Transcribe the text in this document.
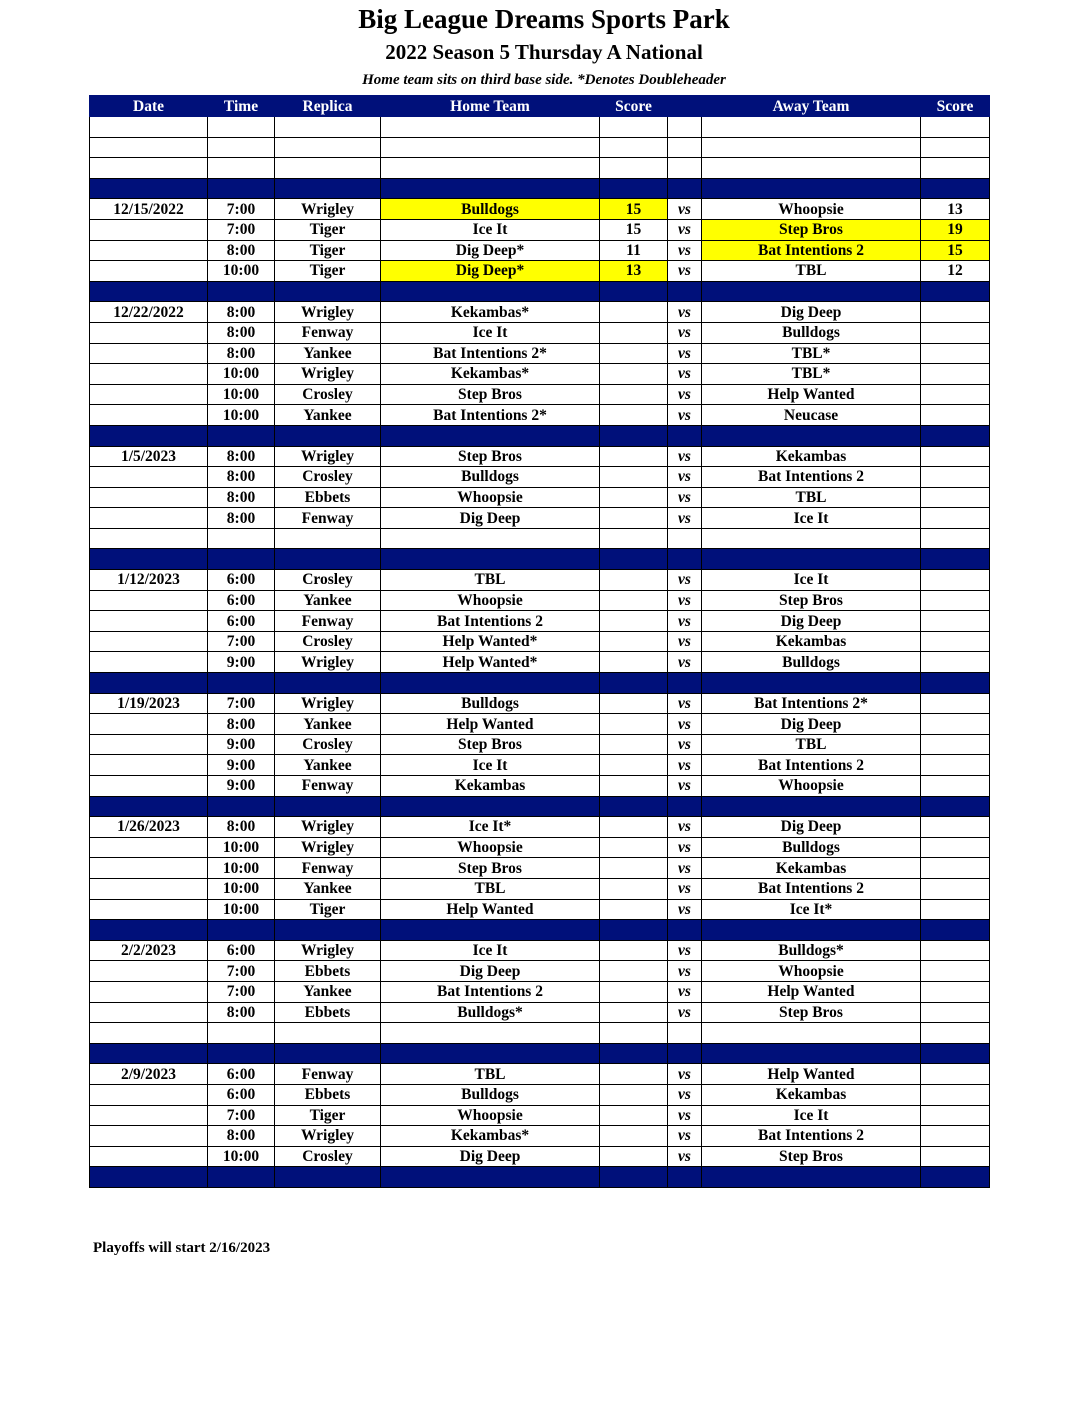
Big League Dreams Sports Park
2022 Season 5 Thursday A National
Home team sits on third base side. *Denotes Doubleheader
Date	Time	Replica	Home Team	Score		Away Team	Score

12/15/2022	7:00	Wrigley	Bulldogs	15	vs	Whoopsie	13
	7:00	Tiger	Ice It	15	vs	Step Bros	19
	8:00	Tiger	Dig Deep*	11	vs	Bat Intentions 2	15
	10:00	Tiger	Dig Deep*	13	vs	TBL	12

12/22/2022	8:00	Wrigley	Kekambas*		vs	Dig Deep	
	8:00	Fenway	Ice It		vs	Bulldogs	
	8:00	Yankee	Bat Intentions 2*		vs	TBL*	
	10:00	Wrigley	Kekambas*		vs	TBL*	
	10:00	Crosley	Step Bros		vs	Help Wanted	
	10:00	Yankee	Bat Intentions 2*		vs	Neucase	

1/5/2023	8:00	Wrigley	Step Bros		vs	Kekambas	
	8:00	Crosley	Bulldogs		vs	Bat Intentions 2	
	8:00	Ebbets	Whoopsie		vs	TBL	
	8:00	Fenway	Dig Deep		vs	Ice It	

1/12/2023	6:00	Crosley	TBL		vs	Ice It	
	6:00	Yankee	Whoopsie		vs	Step Bros	
	6:00	Fenway	Bat Intentions 2		vs	Dig Deep	
	7:00	Crosley	Help Wanted*		vs	Kekambas	
	9:00	Wrigley	Help Wanted*		vs	Bulldogs	

1/19/2023	7:00	Wrigley	Bulldogs		vs	Bat Intentions 2*	
	8:00	Yankee	Help Wanted		vs	Dig Deep	
	9:00	Crosley	Step Bros		vs	TBL	
	9:00	Yankee	Ice It		vs	Bat Intentions 2	
	9:00	Fenway	Kekambas		vs	Whoopsie	

1/26/2023	8:00	Wrigley	Ice It*		vs	Dig Deep	
	10:00	Wrigley	Whoopsie		vs	Bulldogs	
	10:00	Fenway	Step Bros		vs	Kekambas	
	10:00	Yankee	TBL		vs	Bat Intentions 2	
	10:00	Tiger	Help Wanted		vs	Ice It*	

2/2/2023	6:00	Wrigley	Ice It		vs	Bulldogs*	
	7:00	Ebbets	Dig Deep		vs	Whoopsie	
	7:00	Yankee	Bat Intentions 2		vs	Help Wanted	
	8:00	Ebbets	Bulldogs*		vs	Step Bros	

2/9/2023	6:00	Fenway	TBL		vs	Help Wanted	
	6:00	Ebbets	Bulldogs		vs	Kekambas	
	7:00	Tiger	Whoopsie		vs	Ice It	
	8:00	Wrigley	Kekambas*		vs	Bat Intentions 2	
	10:00	Crosley	Dig Deep		vs	Step Bros	

Playoffs will start 2/16/2023
